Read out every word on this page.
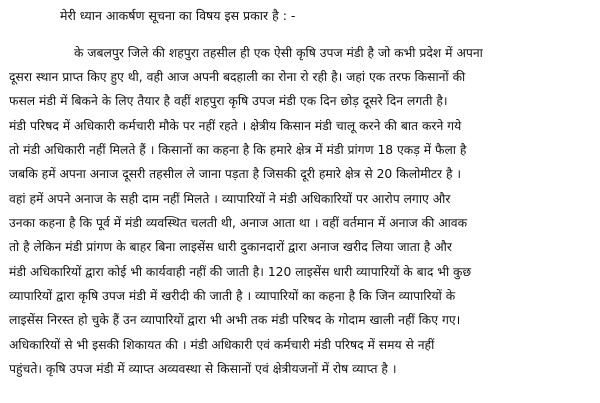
मेरी ध्यान आकर्षण सूचना का विषय इस प्रकार है : -
के जबलपुर जिले की शहपुरा तहसील ही एक ऐसी कृषि उपज मंडी है जो कभी प्रदेश में अपना
दूसरा स्थान प्राप्त किए हुए थी, वही आज अपनी बदहाली का रोना रो रही है। जहां एक तरफ किसानों की
फसल मंडी में बिकने के लिए तैयार है वहीं शहपुरा कृषि उपज मंडी एक दिन छोड़ दूसरे दिन लगती है।
मंडी परिषद में अधिकारी कर्मचारी मौके पर नहीं रहते । क्षेत्रीय किसान मंडी चालू करने की बात करने गये
तो मंडी अधिकारी नहीं मिलते हैं । किसानों का कहना है कि हमारे क्षेत्र में मंडी प्रांगण 18 एकड़ में फैला है
जबकि हमें अपना अनाज दूसरी तहसील ले जाना पड़ता है जिसकी दूरी हमारे क्षेत्र से 20 किलोमीटर है ।
वहां हमें अपने अनाज के सही दाम नहीं मिलते । व्यापारियों ने मंडी अधिकारियों पर आरोप लगाए और
उनका कहना है कि पूर्व में मंडी व्यवस्थित चलती थी, अनाज आता था । वहीं वर्तमान में अनाज की आवक
तो है लेकिन मंडी प्रांगण के बाहर बिना लाइसेंस धारी दुकानदारों द्वारा अनाज खरीद लिया जाता है और
मंडी अधिकारियों द्वारा कोई भी कार्यवाही नहीं की जाती है। 120 लाइसेंस धारी व्यापारियों के बाद भी कुछ
व्यापारियों द्वारा कृषि उपज मंडी में खरीदी की जाती है । व्यापारियों का कहना है कि जिन व्यापारियों के
लाइसेंस निरस्त हो चुके हैं उन व्यापारियों द्वारा भी अभी तक मंडी परिषद के गोदाम खाली नहीं किए गए।
अधिकारियों से भी इसकी शिकायत की । मंडी अधिकारी एवं कर्मचारी मंडी परिषद में समय से नहीं
पहुंचते। कृषि उपज मंडी में व्याप्त अव्यवस्था से किसानों एवं क्षेत्रीयजनों में रोष व्याप्त है ।
